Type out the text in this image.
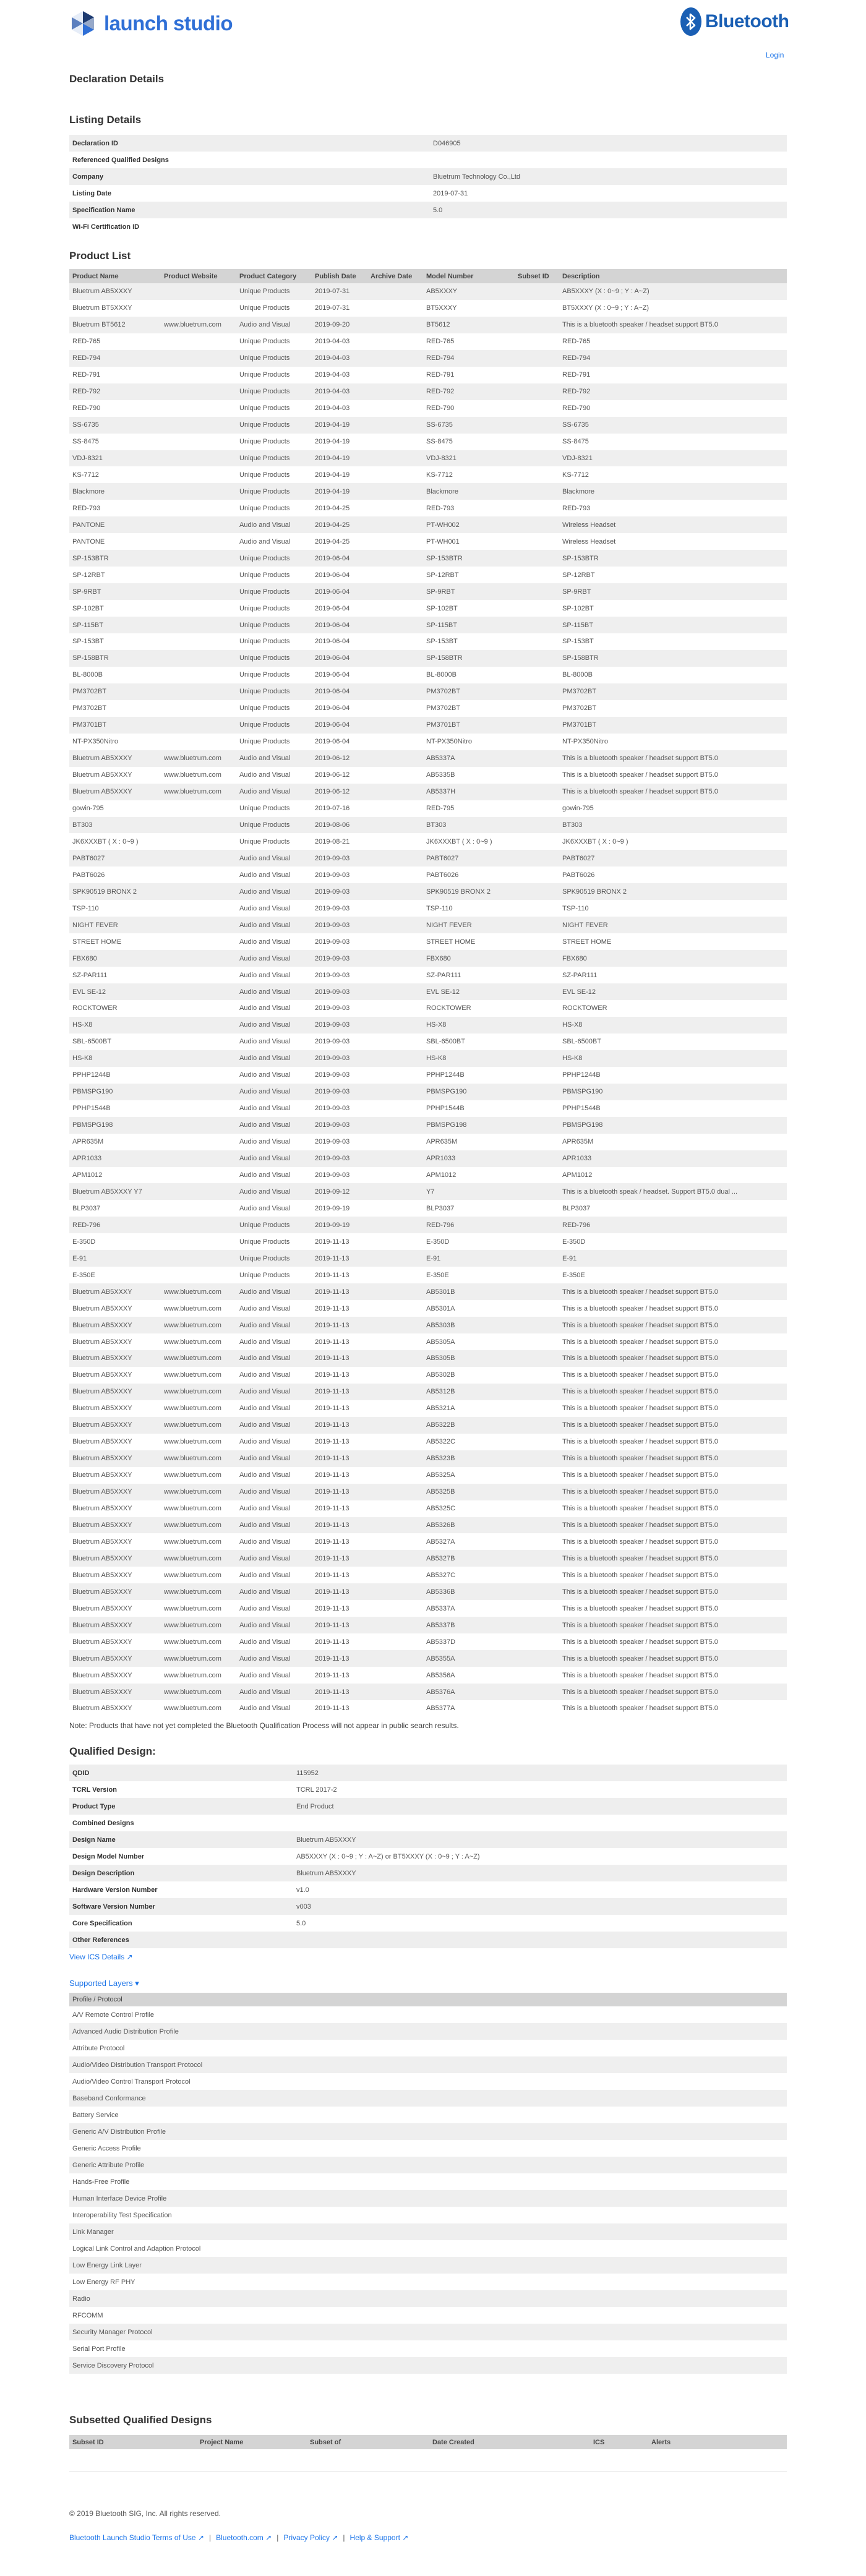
launch studio	Bluetooth
Login
Declaration Details
Listing Details
Declaration ID	D046905
Referenced Qualified Designs
Company	Bluetrum Technology Co.,Ltd
Listing Date	2019-07-31
Specification Name	5.0
Wi-Fi Certification ID
Product List
Product Name	Product Website	Product Category	Publish Date	Archive Date	Model Number	Subset ID	Description
Bluetrum AB5XXXY		Unique Products	2019-07-31		AB5XXXY		AB5XXXY (X : 0~9 ; Y : A~Z)
Bluetrum BT5XXXY		Unique Products	2019-07-31		BT5XXXY		BT5XXXY (X : 0~9 ; Y : A~Z)
Bluetrum BT5612	www.bluetrum.com	Audio and Visual	2019-09-20		BT5612		This is a bluetooth speaker / headset support BT5.0
RED-765		Unique Products	2019-04-03		RED-765		RED-765
RED-794		Unique Products	2019-04-03		RED-794		RED-794
RED-791		Unique Products	2019-04-03		RED-791		RED-791
RED-792		Unique Products	2019-04-03		RED-792		RED-792
RED-790		Unique Products	2019-04-03		RED-790		RED-790
SS-6735		Unique Products	2019-04-19		SS-6735		SS-6735
SS-8475		Unique Products	2019-04-19		SS-8475		SS-8475
VDJ-8321		Unique Products	2019-04-19		VDJ-8321		VDJ-8321
KS-7712		Unique Products	2019-04-19		KS-7712		KS-7712
Blackmore		Unique Products	2019-04-19		Blackmore		Blackmore
RED-793		Unique Products	2019-04-25		RED-793		RED-793
PANTONE		Audio and Visual	2019-04-25		PT-WH002		Wireless Headset
PANTONE		Audio and Visual	2019-04-25		PT-WH001		Wireless Headset
SP-153BTR		Unique Products	2019-06-04		SP-153BTR		SP-153BTR
SP-12RBT		Unique Products	2019-06-04		SP-12RBT		SP-12RBT
SP-9RBT		Unique Products	2019-06-04		SP-9RBT		SP-9RBT
SP-102BT		Unique Products	2019-06-04		SP-102BT		SP-102BT
SP-115BT		Unique Products	2019-06-04		SP-115BT		SP-115BT
SP-153BT		Unique Products	2019-06-04		SP-153BT		SP-153BT
SP-158BTR		Unique Products	2019-06-04		SP-158BTR		SP-158BTR
BL-8000B		Unique Products	2019-06-04		BL-8000B		BL-8000B
PM3702BT		Unique Products	2019-06-04		PM3702BT		PM3702BT
PM3702BT		Unique Products	2019-06-04		PM3702BT		PM3702BT
PM3701BT		Unique Products	2019-06-04		PM3701BT		PM3701BT
NT-PX350Nitro		Unique Products	2019-06-04		NT-PX350Nitro		NT-PX350Nitro
Bluetrum AB5XXXY	www.bluetrum.com	Audio and Visual	2019-06-12		AB5337A		This is a bluetooth speaker / headset support BT5.0
Bluetrum AB5XXXY	www.bluetrum.com	Audio and Visual	2019-06-12		AB5335B		This is a bluetooth speaker / headset support BT5.0
Bluetrum AB5XXXY	www.bluetrum.com	Audio and Visual	2019-06-12		AB5337H		This is a bluetooth speaker / headset support BT5.0
gowin-795		Unique Products	2019-07-16		RED-795		gowin-795
BT303		Unique Products	2019-08-06		BT303		BT303
JK6XXXBT ( X : 0~9 )		Unique Products	2019-08-21		JK6XXXBT ( X : 0~9 )		JK6XXXBT ( X : 0~9 )
PABT6027		Audio and Visual	2019-09-03		PABT6027		PABT6027
PABT6026		Audio and Visual	2019-09-03		PABT6026		PABT6026
SPK90519 BRONX 2		Audio and Visual	2019-09-03		SPK90519 BRONX 2		SPK90519 BRONX 2
TSP-110		Audio and Visual	2019-09-03		TSP-110		TSP-110
NIGHT FEVER		Audio and Visual	2019-09-03		NIGHT FEVER		NIGHT FEVER
STREET HOME		Audio and Visual	2019-09-03		STREET HOME		STREET HOME
FBX680		Audio and Visual	2019-09-03		FBX680		FBX680
SZ-PAR111		Audio and Visual	2019-09-03		SZ-PAR111		SZ-PAR111
EVL SE-12		Audio and Visual	2019-09-03		EVL SE-12		EVL SE-12
ROCKTOWER		Audio and Visual	2019-09-03		ROCKTOWER		ROCKTOWER
HS-X8		Audio and Visual	2019-09-03		HS-X8		HS-X8
SBL-6500BT		Audio and Visual	2019-09-03		SBL-6500BT		SBL-6500BT
HS-K8		Audio and Visual	2019-09-03		HS-K8		HS-K8
PPHP1244B		Audio and Visual	2019-09-03		PPHP1244B		PPHP1244B
PBMSPG190		Audio and Visual	2019-09-03		PBMSPG190		PBMSPG190
PPHP1544B		Audio and Visual	2019-09-03		PPHP1544B		PPHP1544B
PBMSPG198		Audio and Visual	2019-09-03		PBMSPG198		PBMSPG198
APR635M		Audio and Visual	2019-09-03		APR635M		APR635M
APR1033		Audio and Visual	2019-09-03		APR1033		APR1033
APM1012		Audio and Visual	2019-09-03		APM1012		APM1012
Bluetrum AB5XXXY Y7		Audio and Visual	2019-09-12		Y7		This is a bluetooth speak / headset. Support BT5.0 dual ...
BLP3037		Audio and Visual	2019-09-19		BLP3037		BLP3037
RED-796		Unique Products	2019-09-19		RED-796		RED-796
E-350D		Unique Products	2019-11-13		E-350D		E-350D
E-91		Unique Products	2019-11-13		E-91		E-91
E-350E		Unique Products	2019-11-13		E-350E		E-350E
Bluetrum AB5XXXY	www.bluetrum.com	Audio and Visual	2019-11-13		AB5301B		This is a bluetooth speaker / headset support BT5.0
Bluetrum AB5XXXY	www.bluetrum.com	Audio and Visual	2019-11-13		AB5301A		This is a bluetooth speaker / headset support BT5.0
Bluetrum AB5XXXY	www.bluetrum.com	Audio and Visual	2019-11-13		AB5303B		This is a bluetooth speaker / headset support BT5.0
Bluetrum AB5XXXY	www.bluetrum.com	Audio and Visual	2019-11-13		AB5305A		This is a bluetooth speaker / headset support BT5.0
Bluetrum AB5XXXY	www.bluetrum.com	Audio and Visual	2019-11-13		AB5305B		This is a bluetooth speaker / headset support BT5.0
Bluetrum AB5XXXY	www.bluetrum.com	Audio and Visual	2019-11-13		AB5302B		This is a bluetooth speaker / headset support BT5.0
Bluetrum AB5XXXY	www.bluetrum.com	Audio and Visual	2019-11-13		AB5312B		This is a bluetooth speaker / headset support BT5.0
Bluetrum AB5XXXY	www.bluetrum.com	Audio and Visual	2019-11-13		AB5321A		This is a bluetooth speaker / headset support BT5.0
Bluetrum AB5XXXY	www.bluetrum.com	Audio and Visual	2019-11-13		AB5322B		This is a bluetooth speaker / headset support BT5.0
Bluetrum AB5XXXY	www.bluetrum.com	Audio and Visual	2019-11-13		AB5322C		This is a bluetooth speaker / headset support BT5.0
Bluetrum AB5XXXY	www.bluetrum.com	Audio and Visual	2019-11-13		AB5323B		This is a bluetooth speaker / headset support BT5.0
Bluetrum AB5XXXY	www.bluetrum.com	Audio and Visual	2019-11-13		AB5325A		This is a bluetooth speaker / headset support BT5.0
Bluetrum AB5XXXY	www.bluetrum.com	Audio and Visual	2019-11-13		AB5325B		This is a bluetooth speaker / headset support BT5.0
Bluetrum AB5XXXY	www.bluetrum.com	Audio and Visual	2019-11-13		AB5325C		This is a bluetooth speaker / headset support BT5.0
Bluetrum AB5XXXY	www.bluetrum.com	Audio and Visual	2019-11-13		AB5326B		This is a bluetooth speaker / headset support BT5.0
Bluetrum AB5XXXY	www.bluetrum.com	Audio and Visual	2019-11-13		AB5327A		This is a bluetooth speaker / headset support BT5.0
Bluetrum AB5XXXY	www.bluetrum.com	Audio and Visual	2019-11-13		AB5327B		This is a bluetooth speaker / headset support BT5.0
Bluetrum AB5XXXY	www.bluetrum.com	Audio and Visual	2019-11-13		AB5327C		This is a bluetooth speaker / headset support BT5.0
Bluetrum AB5XXXY	www.bluetrum.com	Audio and Visual	2019-11-13		AB5336B		This is a bluetooth speaker / headset support BT5.0
Bluetrum AB5XXXY	www.bluetrum.com	Audio and Visual	2019-11-13		AB5337A		This is a bluetooth speaker / headset support BT5.0
Bluetrum AB5XXXY	www.bluetrum.com	Audio and Visual	2019-11-13		AB5337B		This is a bluetooth speaker / headset support BT5.0
Bluetrum AB5XXXY	www.bluetrum.com	Audio and Visual	2019-11-13		AB5337D		This is a bluetooth speaker / headset support BT5.0
Bluetrum AB5XXXY	www.bluetrum.com	Audio and Visual	2019-11-13		AB5355A		This is a bluetooth speaker / headset support BT5.0
Bluetrum AB5XXXY	www.bluetrum.com	Audio and Visual	2019-11-13		AB5356A		This is a bluetooth speaker / headset support BT5.0
Bluetrum AB5XXXY	www.bluetrum.com	Audio and Visual	2019-11-13		AB5376A		This is a bluetooth speaker / headset support BT5.0
Bluetrum AB5XXXY	www.bluetrum.com	Audio and Visual	2019-11-13		AB5377A		This is a bluetooth speaker / headset support BT5.0
Note: Products that have not yet completed the Bluetooth Qualification Process will not appear in public search results.
Qualified Design:
QDID	115952
TCRL Version	TCRL 2017-2
Product Type	End Product
Combined Designs
Design Name	Bluetrum AB5XXXY
Design Model Number	AB5XXXY (X : 0~9 ; Y : A~Z) or BT5XXXY (X : 0~9 ; Y : A~Z)
Design Description	Bluetrum AB5XXXY
Hardware Version Number	v1.0
Software Version Number	v003
Core Specification	5.0
Other References
View ICS Details ↗
Supported Layers ▾
Profile / Protocol
A/V Remote Control Profile
Advanced Audio Distribution Profile
Attribute Protocol
Audio/Video Distribution Transport Protocol
Audio/Video Control Transport Protocol
Baseband Conformance
Battery Service
Generic A/V Distribution Profile
Generic Access Profile
Generic Attribute Profile
Hands-Free Profile
Human Interface Device Profile
Interoperability Test Specification
Link Manager
Logical Link Control and Adaption Protocol
Low Energy Link Layer
Low Energy RF PHY
Radio
RFCOMM
Security Manager Protocol
Serial Port Profile
Service Discovery Protocol
Subsetted Qualified Designs
Subset ID	Project Name	Subset of	Date Created	ICS	Alerts
© 2019 Bluetooth SIG, Inc. All rights reserved.
Bluetooth Launch Studio Terms of Use ↗ | Bluetooth.com ↗ | Privacy Policy ↗ | Help & Support ↗
